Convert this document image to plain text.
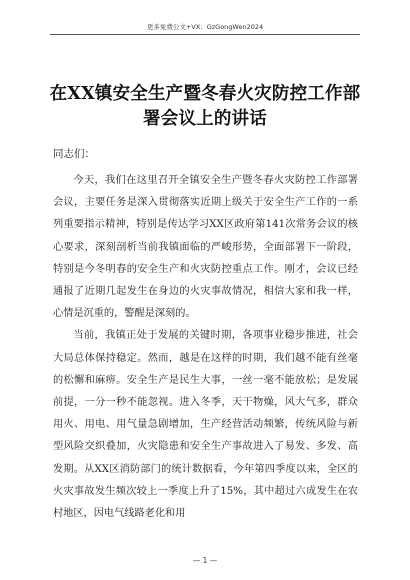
更多免费公文+VX：GzGongWen2024
在XX镇安全生产暨冬春火灾防控工作部署会议上的讲话
同志们：

今天，我们在这里召开全镇安全生产暨冬春火灾防控工作部署会议，主要任务是深入贯彻落实近期上级关于安全生产工作的一系列重要指示精神，特别是传达学习XX区政府第141次常务会议的核心要求，深刻剖析当前我镇面临的严峻形势，全面部署下一阶段，特别是今冬明春的安全生产和火灾防控重点工作。刚才，会议已经通报了近期几起发生在身边的火灾事故情况，相信大家和我一样，心情是沉重的，警醒是深刻的。

当前，我镇正处于发展的关键时期，各项事业稳步推进，社会大局总体保持稳定。然而，越是在这样的时期，我们越不能有丝毫的松懈和麻痹。安全生产是民生大事，一丝一毫不能放松；是发展前提，一分一秒不能忽视。进入冬季，天干物燥，风大气多，群众用火、用电、用气量急剧增加，生产经营活动频繁，传统风险与新型风险交织叠加，火灾隐患和安全生产事故进入了易发、多发、高发期。从XX区消防部门的统计数据看，今年第四季度以来，全区的火灾事故发生频次较上一季度上升了15%，其中超过六成发生在农村地区，因电气线路老化和用

— 1 —
